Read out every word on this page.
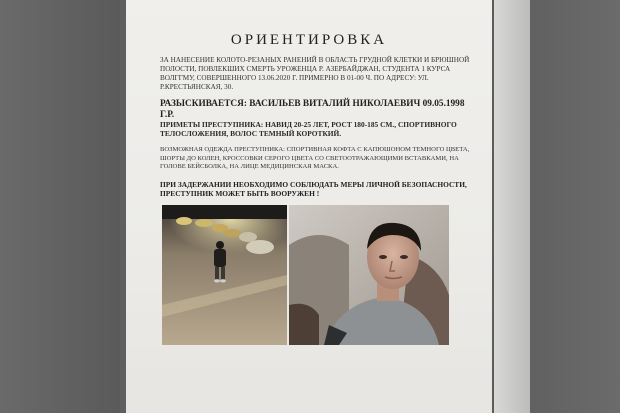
ОРИЕНТИРОВКА
ЗА НАНЕСЕНИЕ КОЛОТО-РЕЗАНЫХ РАНЕНИЙ В ОБЛАСТЬ ГРУДНОЙ КЛЕТКИ И БРЮШНОЙ ПОЛОСТИ, ПОВЛЕКШИХ СМЕРТЬ УРОЖЕНЦА Р. АЗЕРБАЙДЖАН, СТУДЕНТА 1 КУРСА ВОЛГГМУ, СОВЕРШЕННОГО 13.06.2020 Г. ПРИМЕРНО В 01-00 Ч. ПО АДРЕСУ: УЛ. Р.КРЕСТЬЯНСКАЯ, 30.
РАЗЫСКИВАЕТСЯ: ВАСИЛЬЕВ ВИТАЛИЙ НИКОЛАЕВИЧ 09.05.1998 Г.Р.
ПРИМЕТЫ ПРЕСТУПНИКА: НАВИД 20-25 ЛЕТ, РОСТ 180-185 СМ., СПОРТИВНОГО ТЕЛОСЛОЖЕНИЯ, ВОЛОС ТЕМНЫЙ КОРОТКИЙ.
ВОЗМОЖНАЯ ОДЕЖДА ПРЕСТУПНИКА: СПОРТИВНАЯ КОФТА С КАПЮШОНОМ ТЕМНОГО ЦВЕТА, ШОРТЫ ДО КОЛЕН, КРОССОВКИ СЕРОГО ЦВЕТА СО СВЕТООТРАЖАЮЩИМИ ВСТАВКАМИ, НА ГОЛОВЕ БЕЙСБОЛКА, НА ЛИЦЕ МЕДИЦИНСКАЯ МАСКА.
ПРИ ЗАДЕРЖАНИИ НЕОБХОДИМО СОБЛЮДАТЬ МЕРЫ ЛИЧНОЙ БЕЗОПАСНОСТИ, ПРЕСТУПНИК МОЖЕТ БЫТЬ ВООРУЖЕН !
